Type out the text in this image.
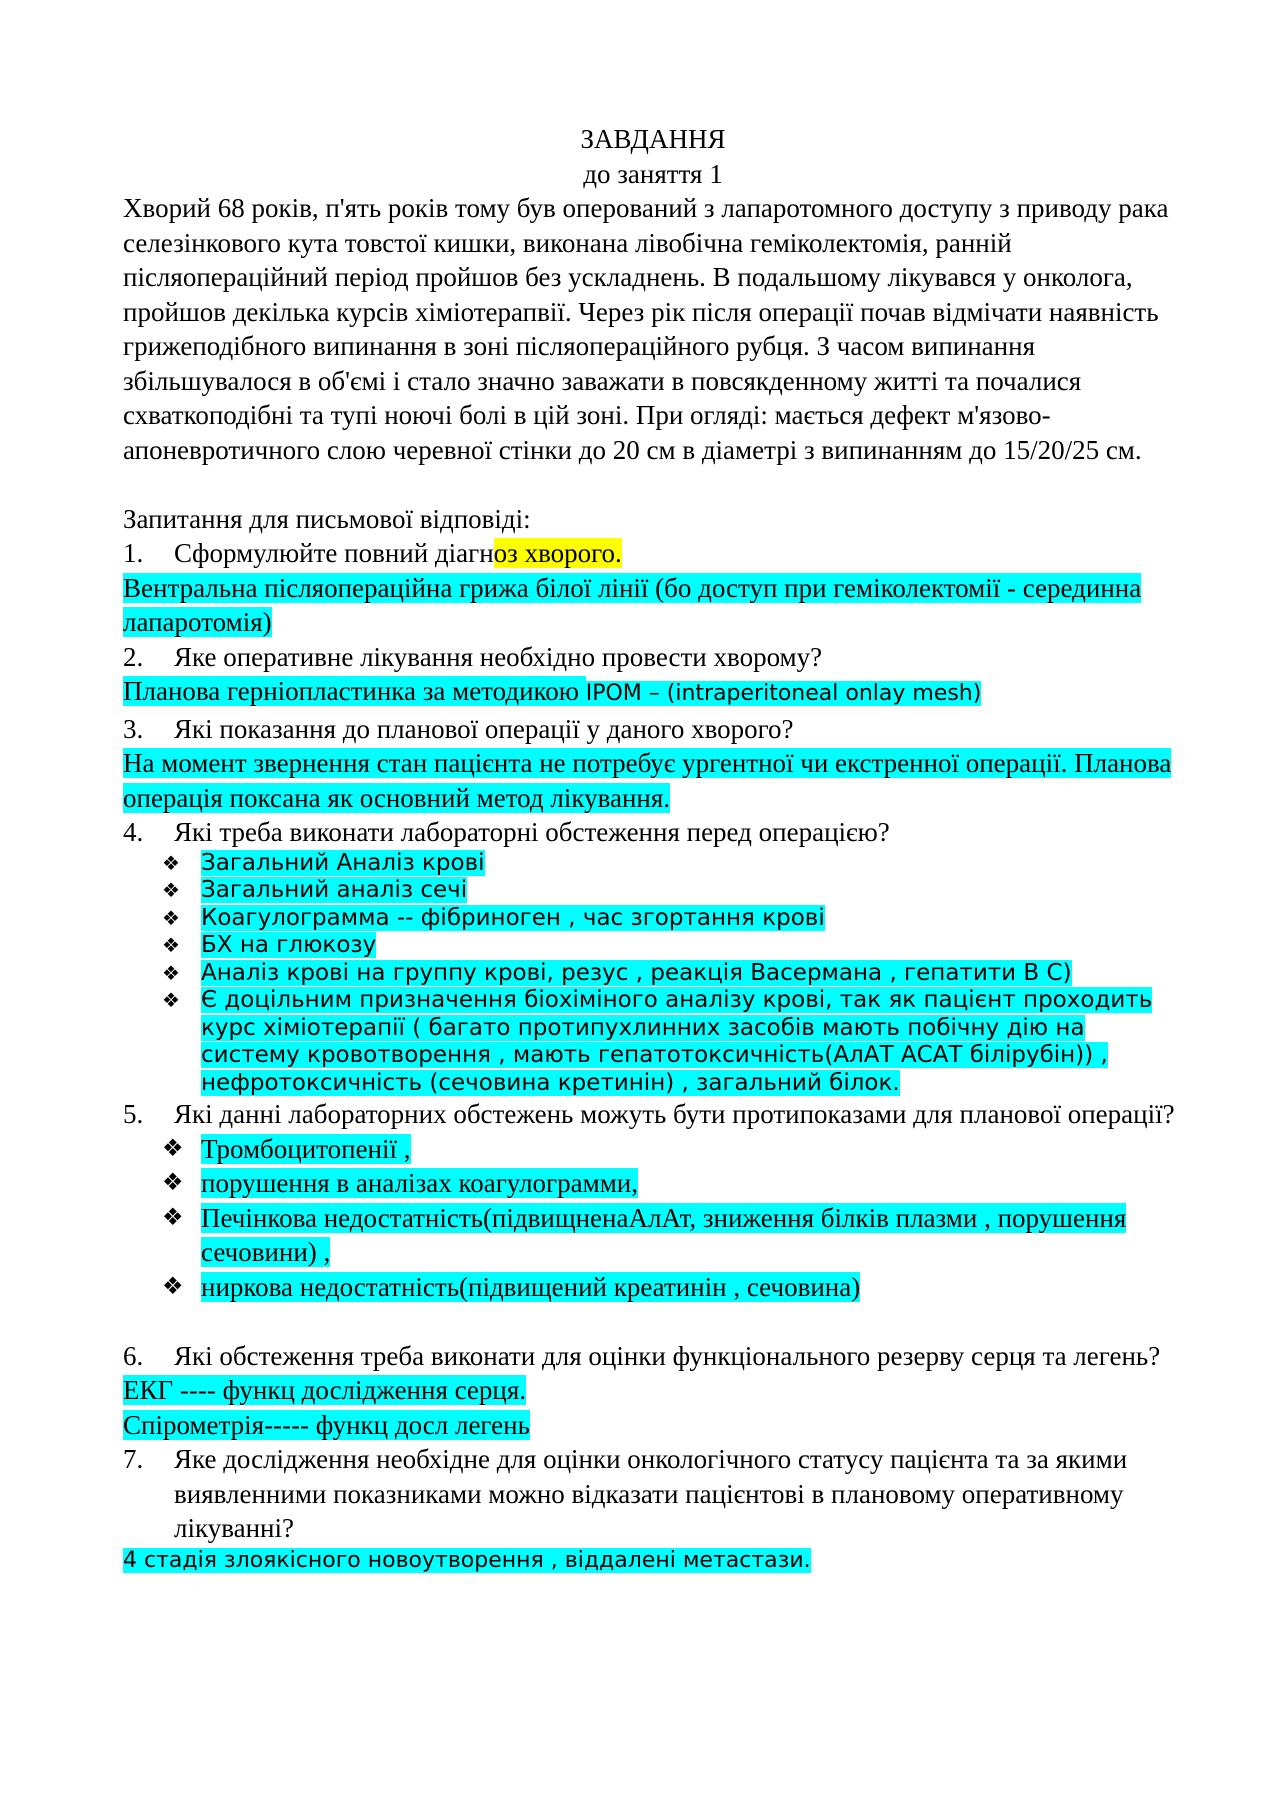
ЗАВДАННЯ

до заняття 1

Хворий 68 років, п'ять років тому був оперований з лапаротомного доступу з приводу рака селезінкового кута товстої кишки, виконана лівобічна геміколектомія, ранній післяопераційний період пройшов без ускладнень. В подальшому лікувався у онколога, пройшов декілька курсів хіміотерапвії. Через рік після операції почав відмічати наявність грижеподібного випинання в зоні післяопераційного рубця. З часом випинання збільшувалося в об'ємі і стало значно заважати в повсякденному житті та почалися схваткоподібні та тупі ноючі болі в цій зоні. При огляді: мається дефект м'язово-апоневротичного слою черевної стінки до 20 см в діаметрі з випинанням до 15/20/25 см.

Запитання для письмової відповіді:

1. Сформулюйте повний діагноз хворого.

Вентральна післяопераційна грижа білої лінії (бо доступ при геміколектомії - серединна лапаротомія)

2. Яке оперативне лікування необхідно провести хворому?

Планова герніопластинка за методикою IPOM – (intraperitoneal onlay mesh)

3. Які показання до планової операції у даного хворого?

На момент звернення стан пацієнта не потребує ургентної чи екстренної операції. Планова операція поксана як основний метод лікування.

4. Які треба виконати лабораторні обстеження перед операцією?
❖ Загальний Аналіз крові
❖ Загальний аналіз сечі
❖ Коагулограмма -- фібриноген , час згортання крові
❖ БХ на глюкозу
❖ Аналіз крові на группу крові, резус , реакція Васермана , гепатити В С)
❖ Є доцільним призначення біохіміного аналізу крові, так як пацієнт проходить курс хіміотерапії ( багато протипухлинних засобів мають побічну дію на систему кровотворення , мають гепатотоксичність(АлАТ АСАТ білірубін)) , нефротоксичність (сечовина кретинін) , загальний білок.
5. Які данні лабораторних обстежень можуть бути протипоказами для планової операції?
❖ Тромбоцитопенії ,
❖ порушення в аналізах коагулограмми,
❖ Печінкова недостатність(підвищненаАлАт, зниження білків плазми , порушення сечовини) ,
❖ ниркова недостатність(підвищений креатинін , сечовина)
6. Які обстеження треба виконати для оцінки функціонального резерву серця та легень?

ЕКГ ---- функц дослідження серця.

Спірометрія----- функц досл легень

7. Яке дослідження необхідне для оцінки онкологічного статусу пацієнта та за якими виявленними показниками можно відказати пацієнтові в плановому оперативному лікуванні?

4 стадія злоякісного новоутворення , віддалені метастази.
